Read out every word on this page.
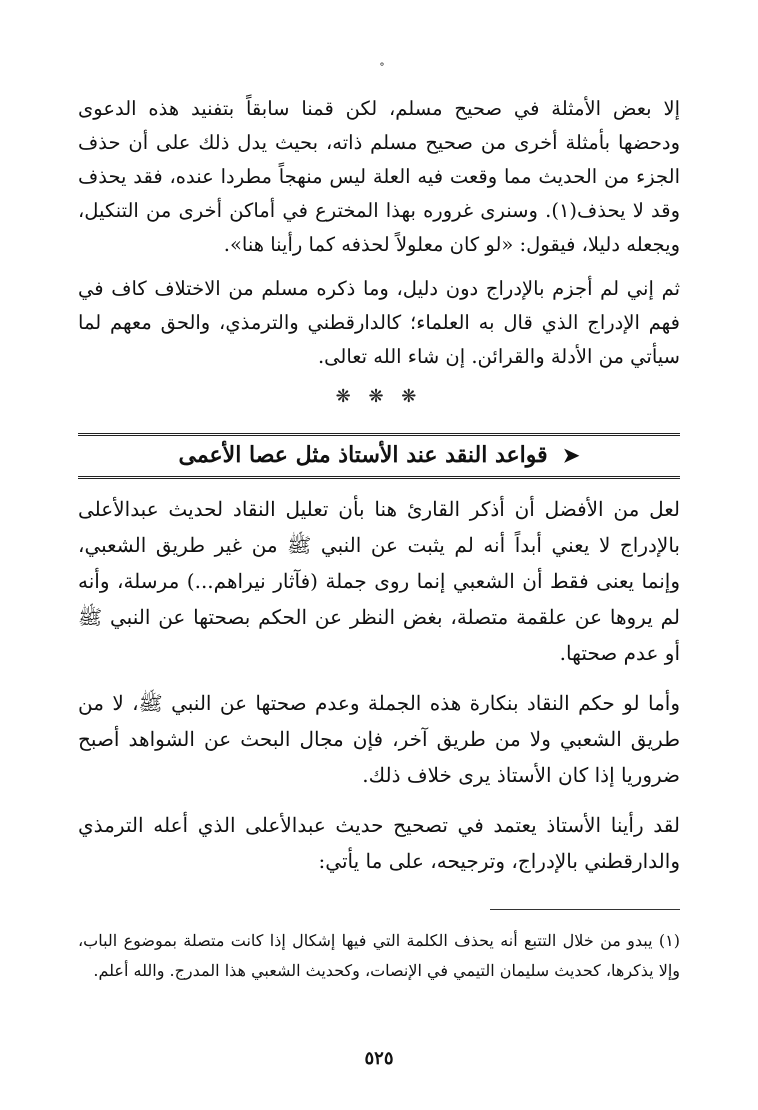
إلا بعض الأمثلة في صحيح مسلم، لكن قمنا سابقاً بتفنيد هذه الدعوى ودحضها بأمثلة أخرى من صحيح مسلم ذاته، بحيث يدل ذلك على أن حذف الجزء من الحديث مما وقعت فيه العلة ليس منهجاً مطردا عنده، فقد يحذف وقد لا يحذف(١). وسنرى غروره بهذا المخترع في أماكن أخرى من التنكيل، ويجعله دليلا، فيقول: «لو كان معلولاً لحذفه كما رأينا هنا».

ثم إني لم أجزم بالإدراج دون دليل، وما ذكره مسلم من الاختلاف كاف في فهم الإدراج الذي قال به العلماء؛ كالدارقطني والترمذي، والحق معهم لما سيأتي من الأدلة والقرائن. إن شاء الله تعالى.

❋ ❋ ❋
➤ قواعد النقد عند الأستاذ مثل عصا الأعمى

لعل من الأفضل أن أذكر القارئ هنا بأن تعليل النقاد لحديث عبدالأعلى بالإدراج لا يعني أبداً أنه لم يثبت عن النبي ﷺ من غير طريق الشعبي، وإنما يعنى فقط أن الشعبي إنما روى جملة (فآثار نيراهم...) مرسلة، وأنه لم يروها عن علقمة متصلة، بغض النظر عن الحكم بصحتها عن النبي ﷺ أو عدم صحتها.

وأما لو حكم النقاد بنكارة هذه الجملة وعدم صحتها عن النبي ﷺ، لا من طريق الشعبي ولا من طريق آخر، فإن مجال البحث عن الشواهد أصبح ضروريا إذا كان الأستاذ يرى خلاف ذلك.

لقد رأينا الأستاذ يعتمد في تصحيح حديث عبدالأعلى الذي أعله الترمذي والدارقطني بالإدراج، وترجيحه، على ما يأتي:

(١) يبدو من خلال التتبع أنه يحذف الكلمة التي فيها إشكال إذا كانت متصلة بموضوع الباب، وإلا يذكرها، كحديث سليمان التيمي في الإنصات، وكحديث الشعبي هذا المدرج. والله أعلم.

٥٢٥
